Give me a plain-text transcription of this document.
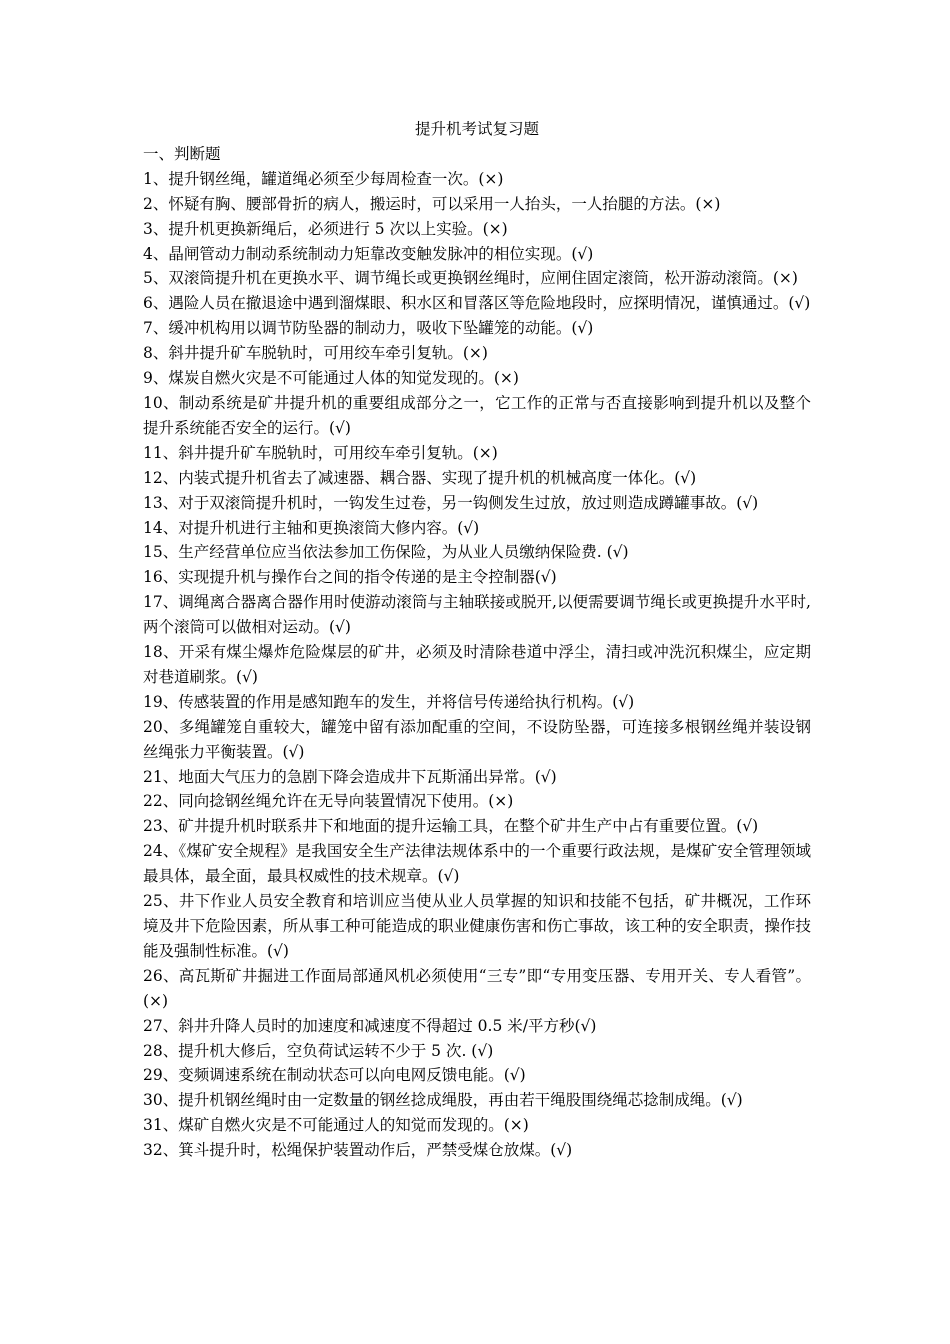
提升机考试复习题

一、判断题

1、提升钢丝绳，罐道绳必须至少每周检查一次。(×)

2、怀疑有胸、腰部骨折的病人，搬运时，可以采用一人抬头，一人抬腿的方法。(×)

3、提升机更换新绳后，必须进行 5 次以上实验。(×)

4、晶闸管动力制动系统制动力矩靠改变触发脉冲的相位实现。(√)

5、双滚筒提升机在更换水平、调节绳长或更换钢丝绳时，应闸住固定滚筒，松开游动滚筒。(×)

6、遇险人员在撤退途中遇到溜煤眼、积水区和冒落区等危险地段时，应探明情况，谨慎通过。(√)

7、缓冲机构用以调节防坠器的制动力，吸收下坠罐笼的动能。(√)

8、斜井提升矿车脱轨时，可用绞车牵引复轨。(×)

9、煤炭自燃火灾是不可能通过人体的知觉发现的。(×)

10、制动系统是矿井提升机的重要组成部分之一，它工作的正常与否直接影响到提升机以及整个提升系统能否安全的运行。(√)

11、斜井提升矿车脱轨时，可用绞车牵引复轨。(×)

12、内装式提升机省去了减速器、耦合器、实现了提升机的机械高度一体化。(√)

13、对于双滚筒提升机时，一钩发生过卷，另一钩侧发生过放，放过则造成蹲罐事故。(√)

14、对提升机进行主轴和更换滚筒大修内容。(√)

15、生产经营单位应当依法参加工伤保险，为从业人员缴纳保险费. (√)

16、实现提升机与操作台之间的指令传递的是主令控制器(√)

17、调绳离合器离合器作用时使游动滚筒与主轴联接或脱开,以便需要调节绳长或更换提升水平时,两个滚筒可以做相对运动。(√)

18、开采有煤尘爆炸危险煤层的矿井，必须及时清除巷道中浮尘，清扫或冲洗沉积煤尘，应定期对巷道刷浆。(√)

19、传感装置的作用是感知跑车的发生，并将信号传递给执行机构。(√)

20、多绳罐笼自重较大，罐笼中留有添加配重的空间，不设防坠器，可连接多根钢丝绳并装设钢丝绳张力平衡装置。(√)

21、地面大气压力的急剧下降会造成井下瓦斯涌出异常。(√)

22、同向捻钢丝绳允许在无导向装置情况下使用。(×)

23、矿井提升机时联系井下和地面的提升运输工具，在整个矿井生产中占有重要位置。(√)

24、《煤矿安全规程》是我国安全生产法律法规体系中的一个重要行政法规，是煤矿安全管理领域最具体，最全面，最具权威性的技术规章。(√)

25、井下作业人员安全教育和培训应当使从业人员掌握的知识和技能不包括，矿井概况，工作环境及井下危险因素，所从事工种可能造成的职业健康伤害和伤亡事故，该工种的安全职责，操作技能及强制性标准。(√)

26、高瓦斯矿井掘进工作面局部通风机必须使用“三专”即“专用变压器、专用开关、专人看管”。(×)

27、斜井升降人员时的加速度和减速度不得超过 0.5 米/平方秒(√)

28、提升机大修后，空负荷试运转不少于 5 次. (√)

29、变频调速系统在制动状态可以向电网反馈电能。(√)

30、提升机钢丝绳时由一定数量的钢丝捻成绳股，再由若干绳股围绕绳芯捻制成绳。(√)

31、煤矿自燃火灾是不可能通过人的知觉而发现的。(×)

32、箕斗提升时，松绳保护装置动作后，严禁受煤仓放煤。(√)
